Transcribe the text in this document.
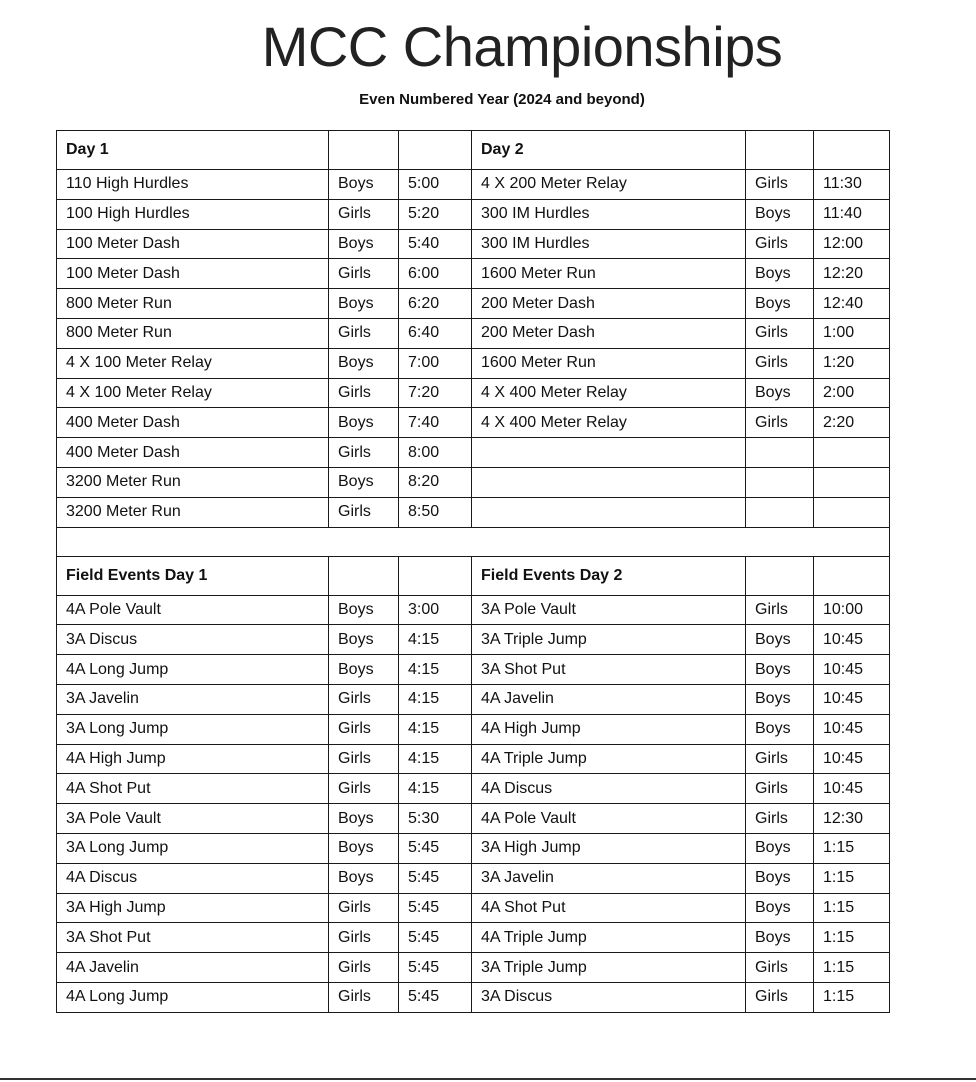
MCC Championships
Even Numbered Year (2024 and beyond)
Day 1			Day 2		
110 High Hurdles	Boys	5:00	4 X 200 Meter Relay	Girls	11:30
100 High Hurdles	Girls	5:20	300 IM Hurdles	Boys	11:40
100 Meter Dash	Boys	5:40	300 IM Hurdles	Girls	12:00
100 Meter Dash	Girls	6:00	1600 Meter Run	Boys	12:20
800 Meter Run	Boys	6:20	200 Meter Dash	Boys	12:40
800 Meter Run	Girls	6:40	200 Meter Dash	Girls	1:00
4 X 100 Meter Relay	Boys	7:00	1600 Meter Run	Girls	1:20
4 X 100 Meter Relay	Girls	7:20	4 X 400 Meter Relay	Boys	2:00
400 Meter Dash	Boys	7:40	4 X 400 Meter Relay	Girls	2:20
400 Meter Dash	Girls	8:00			
3200 Meter Run	Boys	8:20			
3200 Meter Run	Girls	8:50			

Field Events Day 1			Field Events Day 2		
4A Pole Vault	Boys	3:00	3A Pole Vault	Girls	10:00
3A Discus	Boys	4:15	3A Triple Jump	Boys	10:45
4A Long Jump	Boys	4:15	3A Shot Put	Boys	10:45
3A Javelin	Girls	4:15	4A Javelin	Boys	10:45
3A Long Jump	Girls	4:15	4A High Jump	Boys	10:45
4A High Jump	Girls	4:15	4A Triple Jump	Girls	10:45
4A Shot Put	Girls	4:15	4A Discus	Girls	10:45
3A Pole Vault	Boys	5:30	4A Pole Vault	Girls	12:30
3A Long Jump	Boys	5:45	3A High Jump	Boys	1:15
4A Discus	Boys	5:45	3A Javelin	Boys	1:15
3A High Jump	Girls	5:45	4A Shot Put	Boys	1:15
3A Shot Put	Girls	5:45	4A Triple Jump	Boys	1:15
4A Javelin	Girls	5:45	3A Triple Jump	Girls	1:15
4A Long Jump	Girls	5:45	3A Discus	Girls	1:15
